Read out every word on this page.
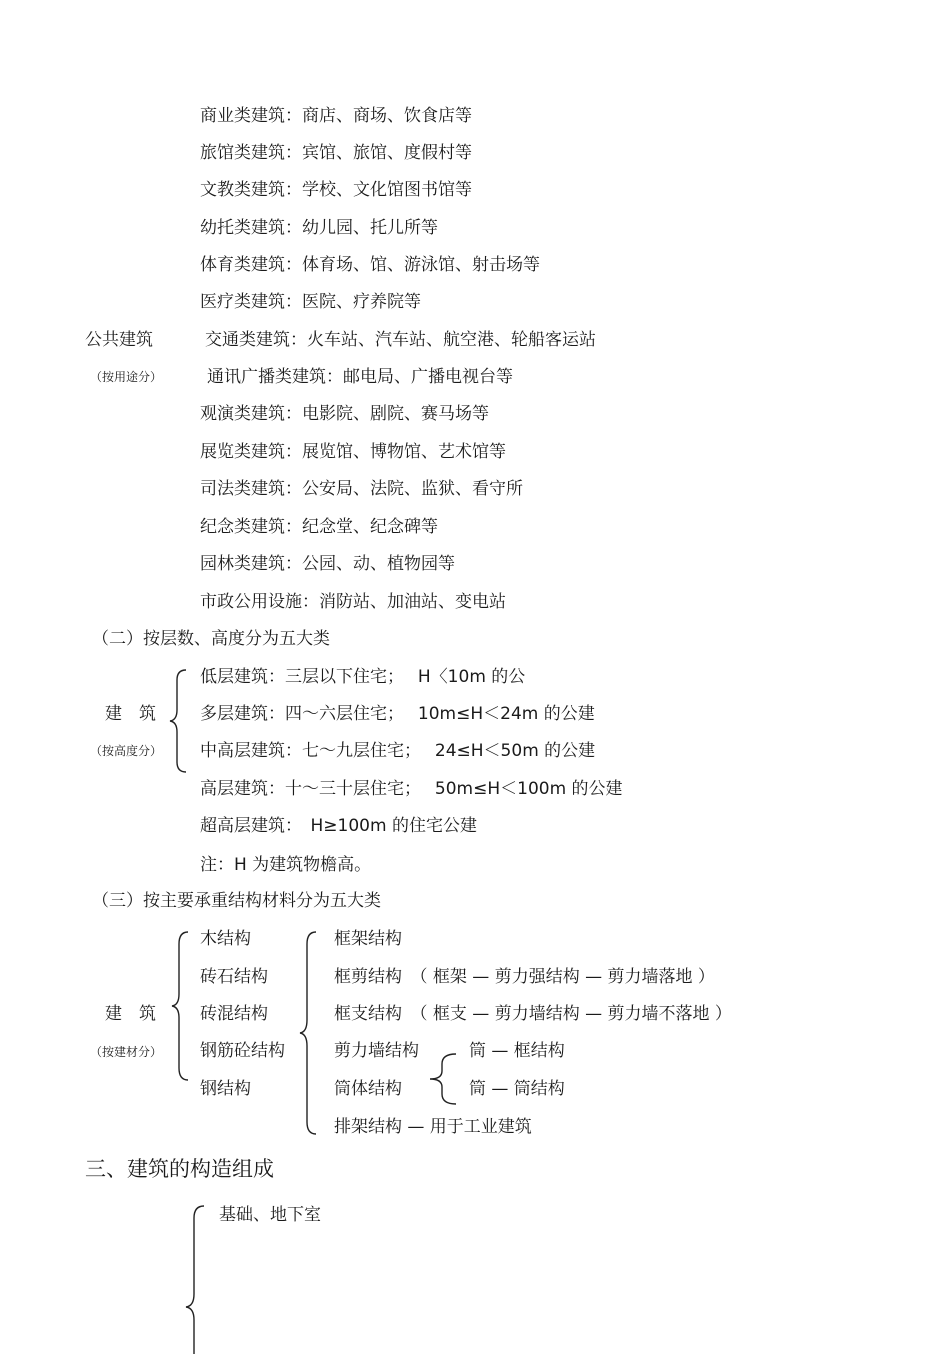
商业类建筑：商店、商场、饮食店等
旅馆类建筑：宾馆、旅馆、度假村等
文教类建筑：学校、文化馆图书馆等
幼托类建筑：幼儿园、托儿所等
体育类建筑：体育场、馆、游泳馆、射击场等
医疗类建筑：医院、疗养院等
公共建筑	交通类建筑：火车站、汽车站、航空港、轮船客运站
（按用途分）	通讯广播类建筑：邮电局、广播电视台等
观演类建筑：电影院、剧院、赛马场等
展览类建筑：展览馆、博物馆、艺术馆等
司法类建筑：公安局、法院、监狱、看守所
纪念类建筑：纪念堂、纪念碑等
园林类建筑：公园、动、植物园等
市政公用设施：消防站、加油站、变电站
（二）按层数、高度分为五大类
低层建筑：三层以下住宅；　 H〈10m 的公
建　筑	多层建筑：四～六层住宅；　 10m≤H＜24m 的公建
（按高度分） 中高层建筑：七～九层住宅；　 24≤H＜50m 的公建
高层建筑：十～三十层住宅；　 50m≤H＜100m 的公建
超高层建筑：　H≥100m 的住宅公建
注：H 为建筑物檐高。
（三）按主要承重结构材料分为五大类
木结构	框架结构
砖石结构	框剪结构　（ 框架 — 剪力强结构 — 剪力墙落地 ）
建　筑	砖混结构	框支结构　（ 框支 — 剪力墙结构 — 剪力墙不落地 ）
（按建材分） 钢筋砼结构	剪力墙结构	筒 — 框结构
钢结构	筒体结构	筒 — 筒结构
排架结构 — 用于工业建筑
三、建筑的构造组成
基础、地下室
